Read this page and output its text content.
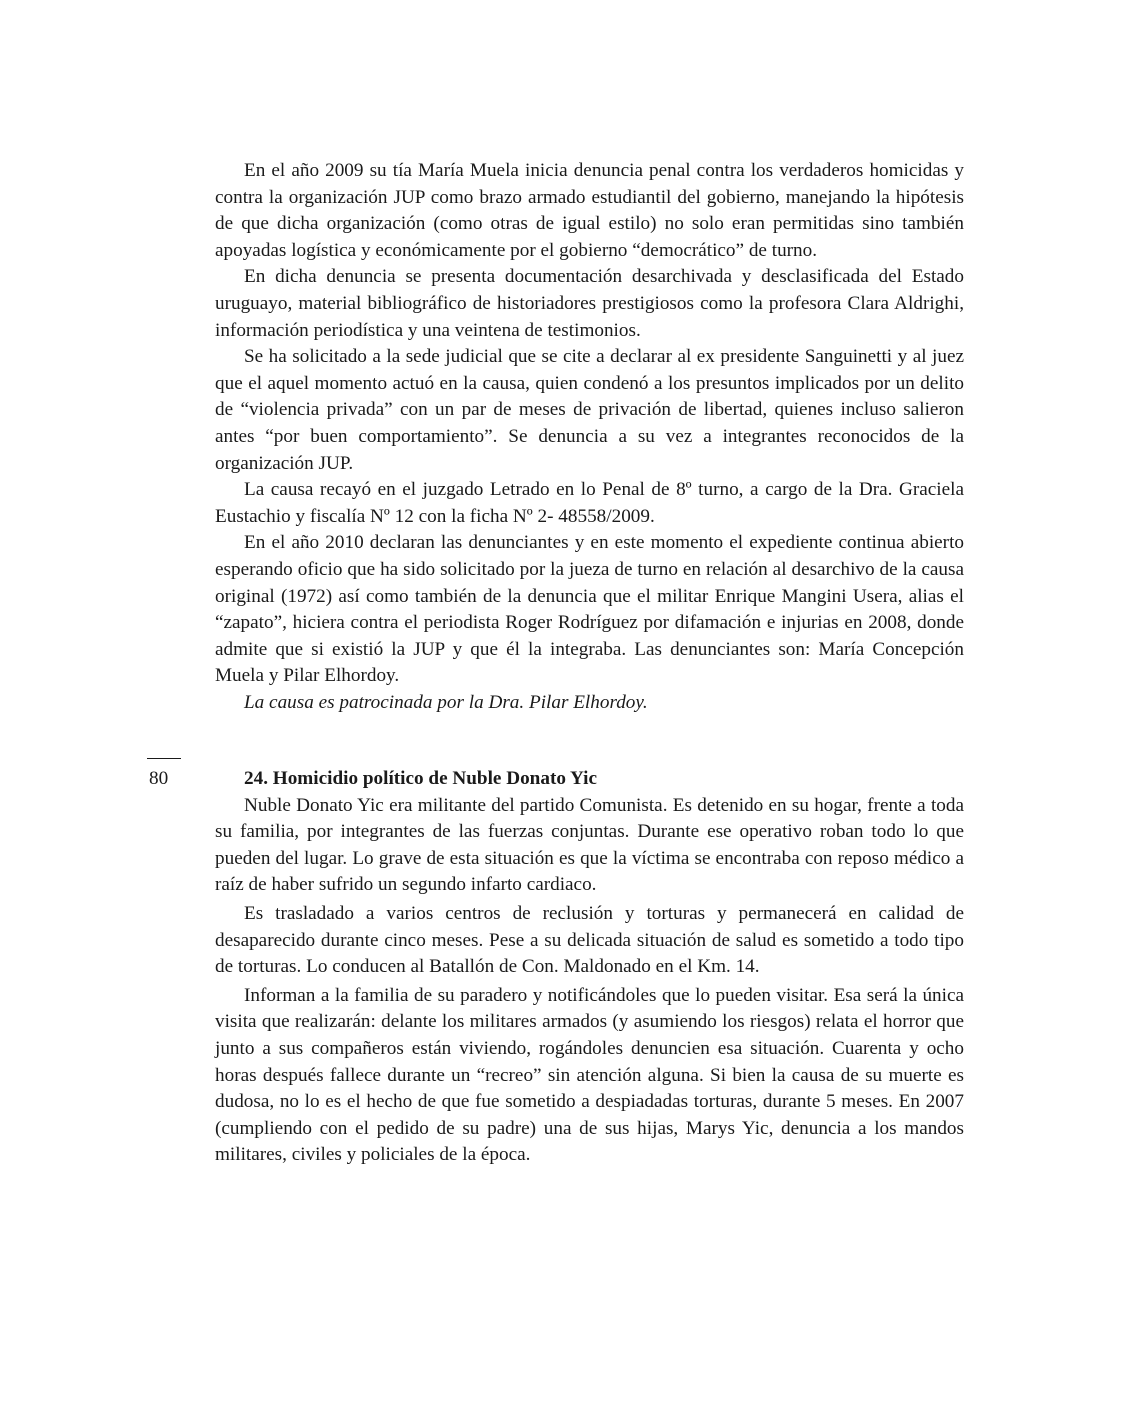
En el año 2009 su tía María Muela inicia denuncia penal contra los verdaderos homicidas y contra la organización JUP como brazo armado estudiantil del gobierno, manejando la hipótesis de que dicha organización (como otras de igual estilo) no solo eran permitidas sino también apoyadas logística y económicamente por el gobierno “democrático” de turno.

En dicha denuncia se presenta documentación desarchivada y desclasificada del Estado uruguayo, material bibliográfico de historiadores prestigiosos como la profesora Clara Aldrighi, información periodística y una veintena de testimonios.

Se ha solicitado a la sede judicial que se cite a declarar al ex presidente Sanguinetti y al juez que el aquel momento actuó en la causa, quien condenó a los presuntos implicados por un delito de “violencia privada” con un par de meses de privación de libertad, quienes incluso salieron antes “por buen comportamiento”. Se denuncia a su vez a integrantes reconocidos de la organización JUP.

La causa recayó en el juzgado Letrado en lo Penal de 8º turno, a cargo de la Dra. Graciela Eustachio y fiscalía Nº 12 con la ficha Nº 2- 48558/2009.

En el año 2010 declaran las denunciantes y en este momento el expediente continua abierto esperando oficio que ha sido solicitado por la jueza de turno en relación al desarchivo de la causa original (1972) así como también de la denuncia que el militar Enrique Mangini Usera, alias el “zapato”, hiciera contra el periodista Roger Rodríguez por difamación e injurias en 2008, donde admite que si existió la JUP y que él la integraba. Las denunciantes son: María Concepción Muela y Pilar Elhordoy.

La causa es patrocinada por la Dra. Pilar Elhordoy.

80	24. Homicidio político de Nuble Donato Yic

Nuble Donato Yic era militante del partido Comunista. Es detenido en su hogar, frente a toda su familia, por integrantes de las fuerzas conjuntas. Durante ese operativo roban todo lo que pueden del lugar. Lo grave de esta situación es que la víctima se encontraba con reposo médico a raíz de haber sufrido un segundo infarto cardiaco.

Es trasladado a varios centros de reclusión y torturas y permanecerá en calidad de desaparecido durante cinco meses. Pese a su delicada situación de salud es sometido a todo tipo de torturas. Lo conducen al Batallón de Con. Maldonado en el Km. 14.

Informan a la familia de su paradero y notificándoles que lo pueden visitar. Esa será la única visita que realizarán: delante los militares armados (y asumiendo los riesgos) relata el horror que junto a sus compañeros están viviendo, rogándoles denuncien esa situación. Cuarenta y ocho horas después fallece durante un “recreo” sin atención alguna. Si bien la causa de su muerte es dudosa, no lo es el hecho de que fue sometido a despiadadas torturas, durante 5 meses. En 2007 (cumpliendo con el pedido de su padre) una de sus hijas, Marys Yic, denuncia a los mandos militares, civiles y policiales de la época.
